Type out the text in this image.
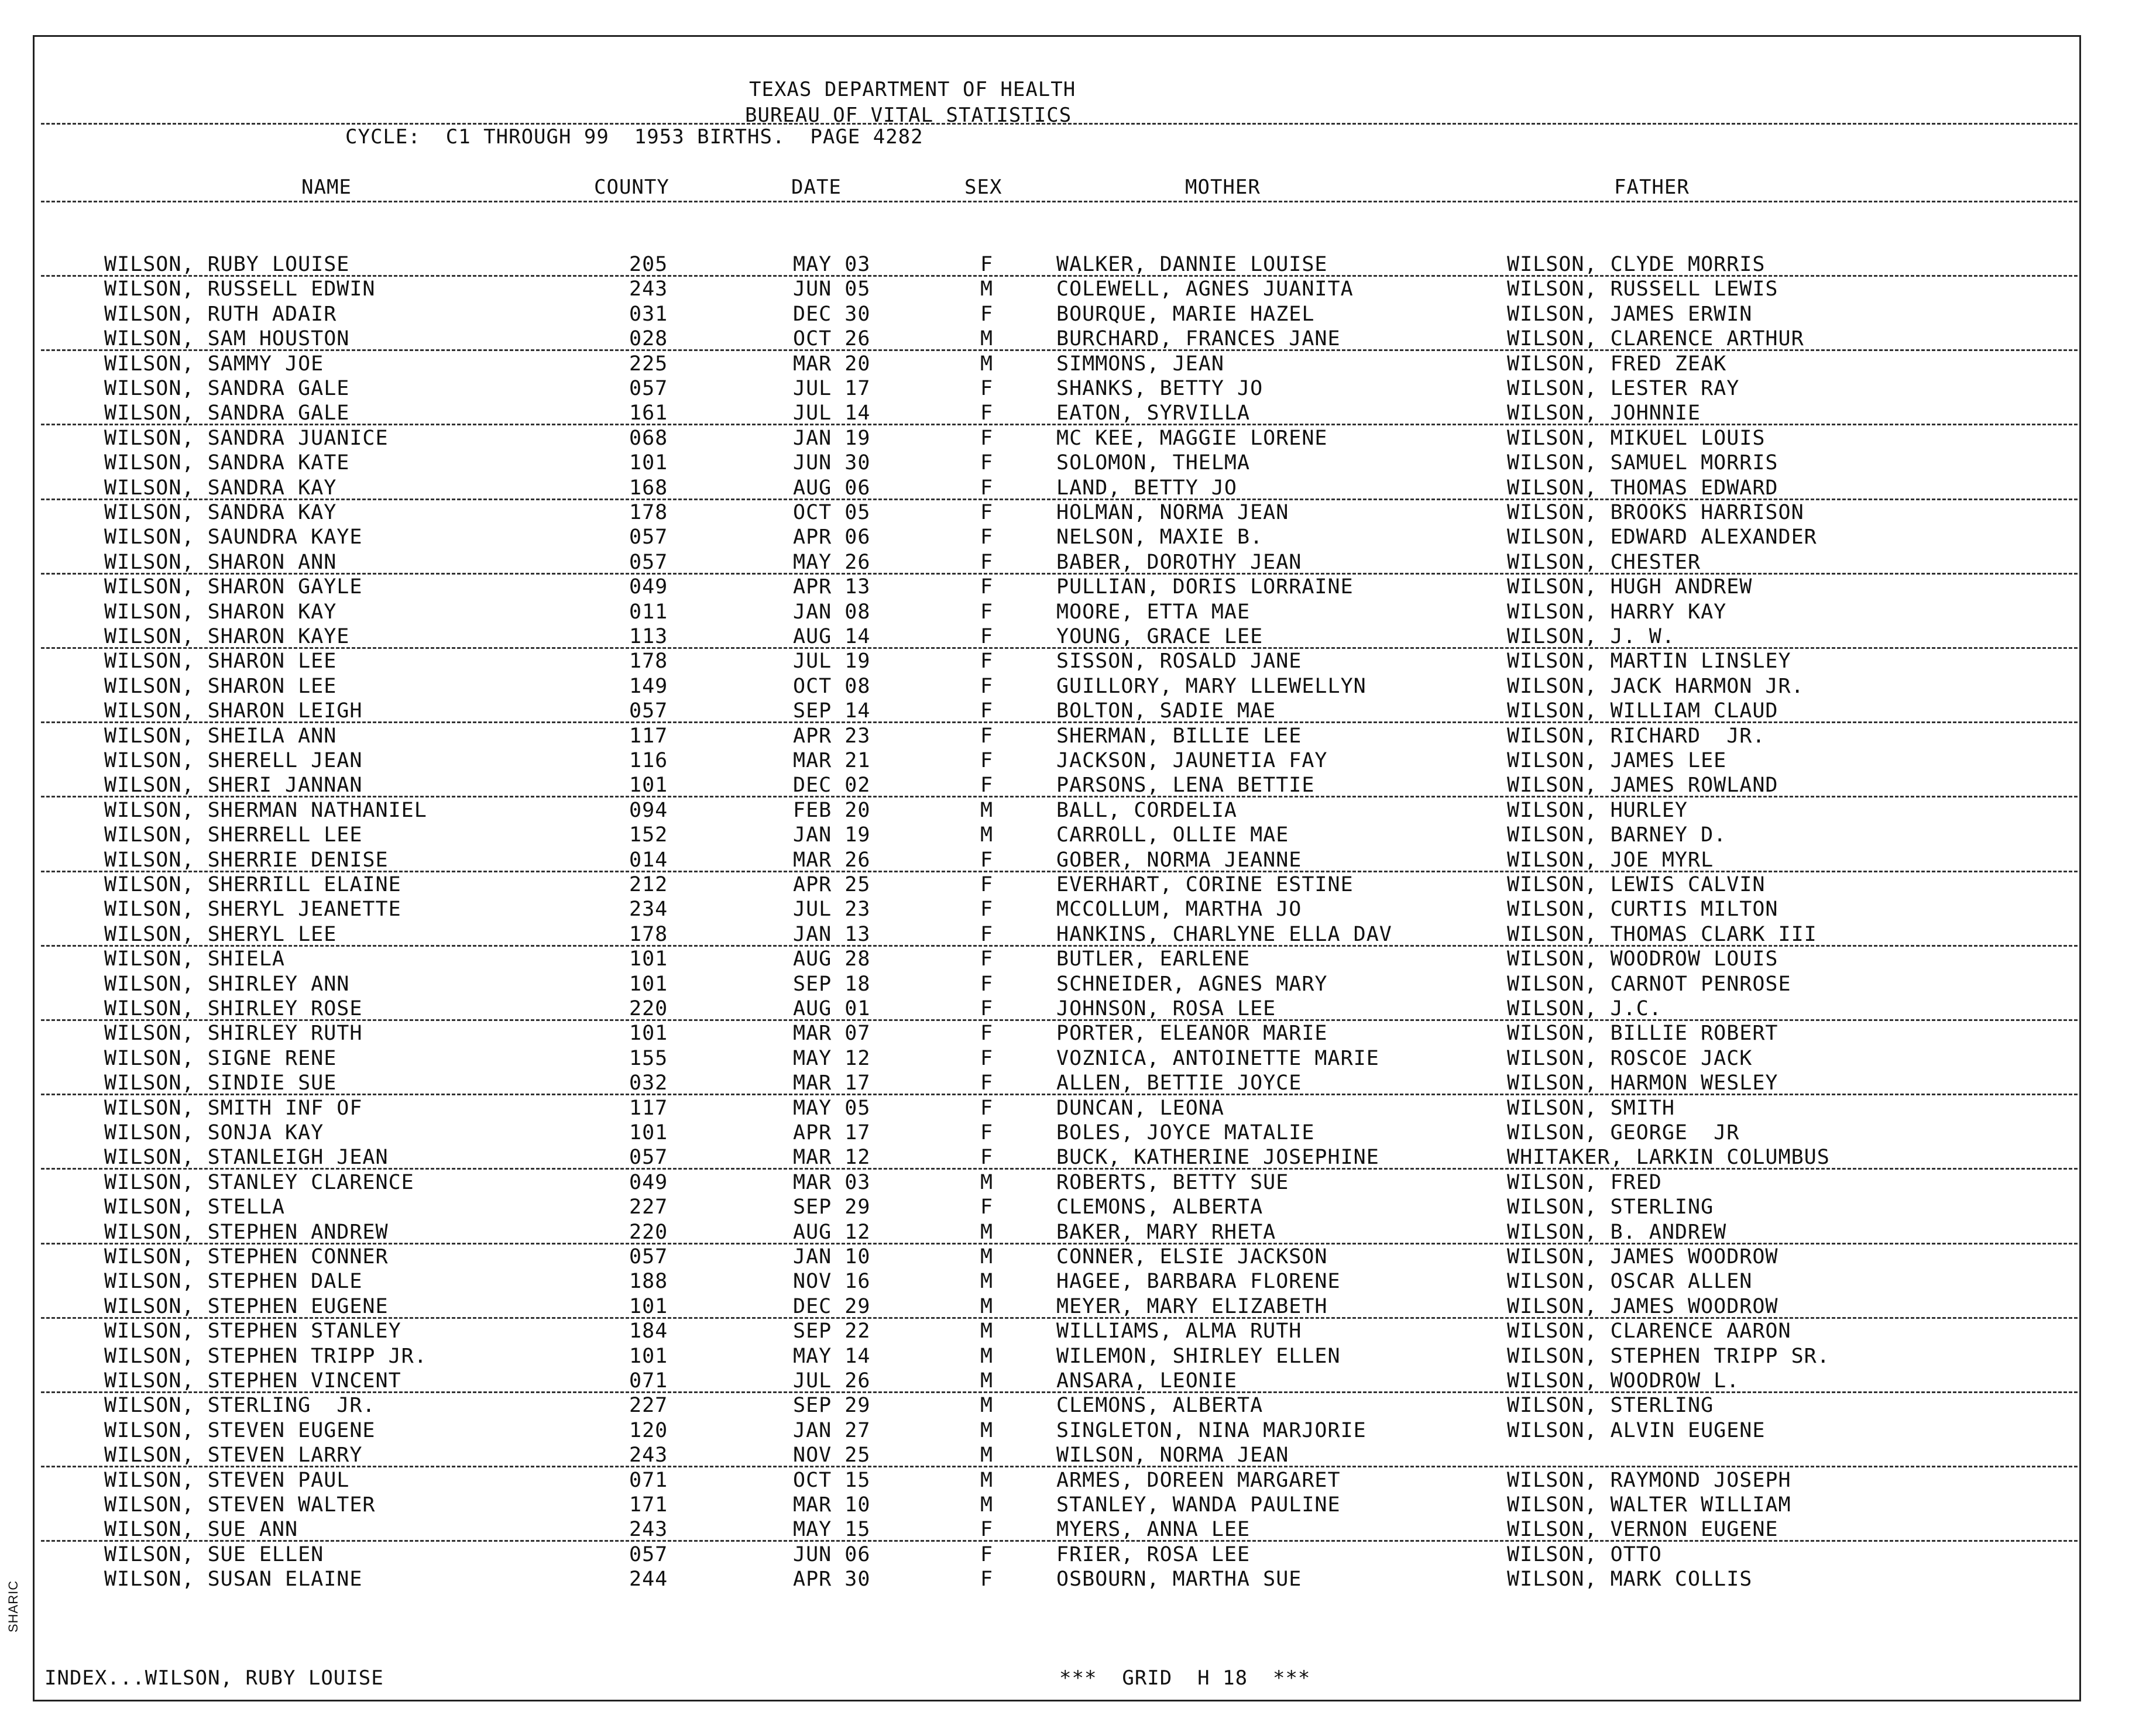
TEXAS DEPARTMENT OF HEALTH
BUREAU OF VITAL STATISTICS
CYCLE:  C1 THROUGH 99  1953 BIRTHS.  PAGE 4282
NAME	COUNTY	DATE	SEX	MOTHER	FATHER
WILSON, RUBY LOUISE	205	MAY 03	F	WALKER, DANNIE LOUISE	WILSON, CLYDE MORRIS
WILSON, RUSSELL EDWIN	243	JUN 05	M	COLEWELL, AGNES JUANITA	WILSON, RUSSELL LEWIS
WILSON, RUTH ADAIR	031	DEC 30	F	BOURQUE, MARIE HAZEL	WILSON, JAMES ERWIN
WILSON, SAM HOUSTON	028	OCT 26	M	BURCHARD, FRANCES JANE	WILSON, CLARENCE ARTHUR
WILSON, SAMMY JOE	225	MAR 20	M	SIMMONS, JEAN	WILSON, FRED ZEAK
WILSON, SANDRA GALE	057	JUL 17	F	SHANKS, BETTY JO	WILSON, LESTER RAY
WILSON, SANDRA GALE	161	JUL 14	F	EATON, SYRVILLA	WILSON, JOHNNIE
WILSON, SANDRA JUANICE	068	JAN 19	F	MC KEE, MAGGIE LORENE	WILSON, MIKUEL LOUIS
WILSON, SANDRA KATE	101	JUN 30	F	SOLOMON, THELMA	WILSON, SAMUEL MORRIS
WILSON, SANDRA KAY	168	AUG 06	F	LAND, BETTY JO	WILSON, THOMAS EDWARD
WILSON, SANDRA KAY	178	OCT 05	F	HOLMAN, NORMA JEAN	WILSON, BROOKS HARRISON
WILSON, SAUNDRA KAYE	057	APR 06	F	NELSON, MAXIE B.	WILSON, EDWARD ALEXANDER
WILSON, SHARON ANN	057	MAY 26	F	BABER, DOROTHY JEAN	WILSON, CHESTER
WILSON, SHARON GAYLE	049	APR 13	F	PULLIAN, DORIS LORRAINE	WILSON, HUGH ANDREW
WILSON, SHARON KAY	011	JAN 08	F	MOORE, ETTA MAE	WILSON, HARRY KAY
WILSON, SHARON KAYE	113	AUG 14	F	YOUNG, GRACE LEE	WILSON, J. W.
WILSON, SHARON LEE	178	JUL 19	F	SISSON, ROSALD JANE	WILSON, MARTIN LINSLEY
WILSON, SHARON LEE	149	OCT 08	F	GUILLORY, MARY LLEWELLYN	WILSON, JACK HARMON JR.
WILSON, SHARON LEIGH	057	SEP 14	F	BOLTON, SADIE MAE	WILSON, WILLIAM CLAUD
WILSON, SHEILA ANN	117	APR 23	F	SHERMAN, BILLIE LEE	WILSON, RICHARD  JR.
WILSON, SHERELL JEAN	116	MAR 21	F	JACKSON, JAUNETIA FAY	WILSON, JAMES LEE
WILSON, SHERI JANNAN	101	DEC 02	F	PARSONS, LENA BETTIE	WILSON, JAMES ROWLAND
WILSON, SHERMAN NATHANIEL	094	FEB 20	M	BALL, CORDELIA	WILSON, HURLEY
WILSON, SHERRELL LEE	152	JAN 19	M	CARROLL, OLLIE MAE	WILSON, BARNEY D.
WILSON, SHERRIE DENISE	014	MAR 26	F	GOBER, NORMA JEANNE	WILSON, JOE MYRL
WILSON, SHERRILL ELAINE	212	APR 25	F	EVERHART, CORINE ESTINE	WILSON, LEWIS CALVIN
WILSON, SHERYL JEANETTE	234	JUL 23	F	MCCOLLUM, MARTHA JO	WILSON, CURTIS MILTON
WILSON, SHERYL LEE	178	JAN 13	F	HANKINS, CHARLYNE ELLA DAV	WILSON, THOMAS CLARK III
WILSON, SHIELA	101	AUG 28	F	BUTLER, EARLENE	WILSON, WOODROW LOUIS
WILSON, SHIRLEY ANN	101	SEP 18	F	SCHNEIDER, AGNES MARY	WILSON, CARNOT PENROSE
WILSON, SHIRLEY ROSE	220	AUG 01	F	JOHNSON, ROSA LEE	WILSON, J.C.
WILSON, SHIRLEY RUTH	101	MAR 07	F	PORTER, ELEANOR MARIE	WILSON, BILLIE ROBERT
WILSON, SIGNE RENE	155	MAY 12	F	VOZNICA, ANTOINETTE MARIE	WILSON, ROSCOE JACK
WILSON, SINDIE SUE	032	MAR 17	F	ALLEN, BETTIE JOYCE	WILSON, HARMON WESLEY
WILSON, SMITH INF OF	117	MAY 05	F	DUNCAN, LEONA	WILSON, SMITH
WILSON, SONJA KAY	101	APR 17	F	BOLES, JOYCE MATALIE	WILSON, GEORGE  JR
WILSON, STANLEIGH JEAN	057	MAR 12	F	BUCK, KATHERINE JOSEPHINE	WHITAKER, LARKIN COLUMBUS
WILSON, STANLEY CLARENCE	049	MAR 03	M	ROBERTS, BETTY SUE	WILSON, FRED
WILSON, STELLA	227	SEP 29	F	CLEMONS, ALBERTA	WILSON, STERLING
WILSON, STEPHEN ANDREW	220	AUG 12	M	BAKER, MARY RHETA	WILSON, B. ANDREW
WILSON, STEPHEN CONNER	057	JAN 10	M	CONNER, ELSIE JACKSON	WILSON, JAMES WOODROW
WILSON, STEPHEN DALE	188	NOV 16	M	HAGEE, BARBARA FLORENE	WILSON, OSCAR ALLEN
WILSON, STEPHEN EUGENE	101	DEC 29	M	MEYER, MARY ELIZABETH	WILSON, JAMES WOODROW
WILSON, STEPHEN STANLEY	184	SEP 22	M	WILLIAMS, ALMA RUTH	WILSON, CLARENCE AARON
WILSON, STEPHEN TRIPP JR.	101	MAY 14	M	WILEMON, SHIRLEY ELLEN	WILSON, STEPHEN TRIPP SR.
WILSON, STEPHEN VINCENT	071	JUL 26	M	ANSARA, LEONIE	WILSON, WOODROW L.
WILSON, STERLING  JR.	227	SEP 29	M	CLEMONS, ALBERTA	WILSON, STERLING
WILSON, STEVEN EUGENE	120	JAN 27	M	SINGLETON, NINA MARJORIE	WILSON, ALVIN EUGENE
WILSON, STEVEN LARRY	243	NOV 25	M	WILSON, NORMA JEAN
WILSON, STEVEN PAUL	071	OCT 15	M	ARMES, DOREEN MARGARET	WILSON, RAYMOND JOSEPH
WILSON, STEVEN WALTER	171	MAR 10	M	STANLEY, WANDA PAULINE	WILSON, WALTER WILLIAM
WILSON, SUE ANN	243	MAY 15	F	MYERS, ANNA LEE	WILSON, VERNON EUGENE
WILSON, SUE ELLEN	057	JUN 06	F	FRIER, ROSA LEE	WILSON, OTTO
WILSON, SUSAN ELAINE	244	APR 30	F	OSBOURN, MARTHA SUE	WILSON, MARK COLLIS
INDEX...WILSON, RUBY LOUISE	***  GRID  H 18  ***
SHARIC
